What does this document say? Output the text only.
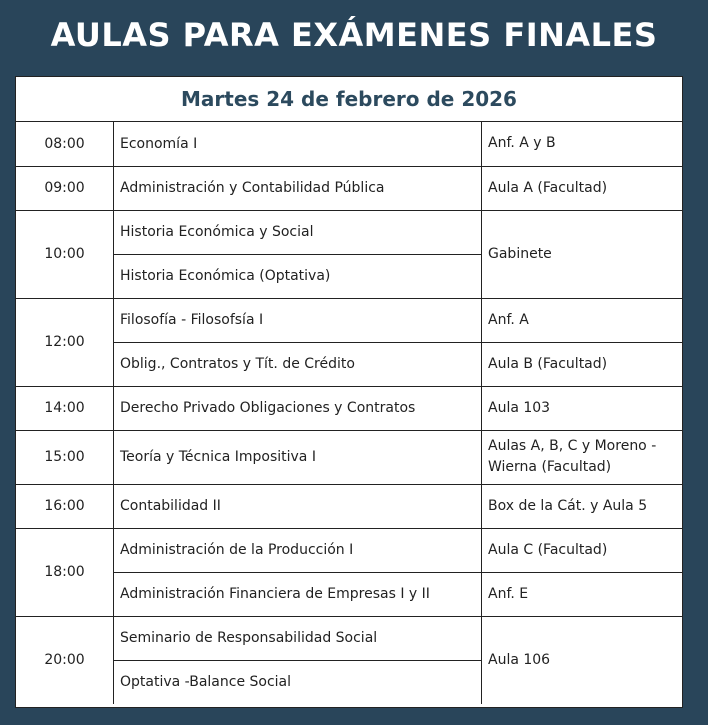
AULAS PARA EXÁMENES FINALES
Martes 24 de febrero de 2026
08:00	Economía I	Anf. A y B
09:00	Administración y Contabilidad Pública	Aula A (Facultad)
10:00	Historia Económica y Social	Gabinete
	Historia Económica (Optativa)	
12:00	Filosofía - Filosofsía I	Anf. A
	Oblig., Contratos y Tít. de Crédito	Aula B (Facultad)
14:00	Derecho Privado Obligaciones y Contratos	Aula 103
15:00	Teoría y Técnica Impositiva I	Aulas A, B, C y Moreno - Wierna (Facultad)
16:00	Contabilidad II	Box de la Cát. y Aula 5
18:00	Administración de la Producción I	Aula C (Facultad)
	Administración Financiera de Empresas I y II	Anf. E
20:00	Seminario de Responsabilidad Social	Aula 106
	Optativa -Balance Social	
